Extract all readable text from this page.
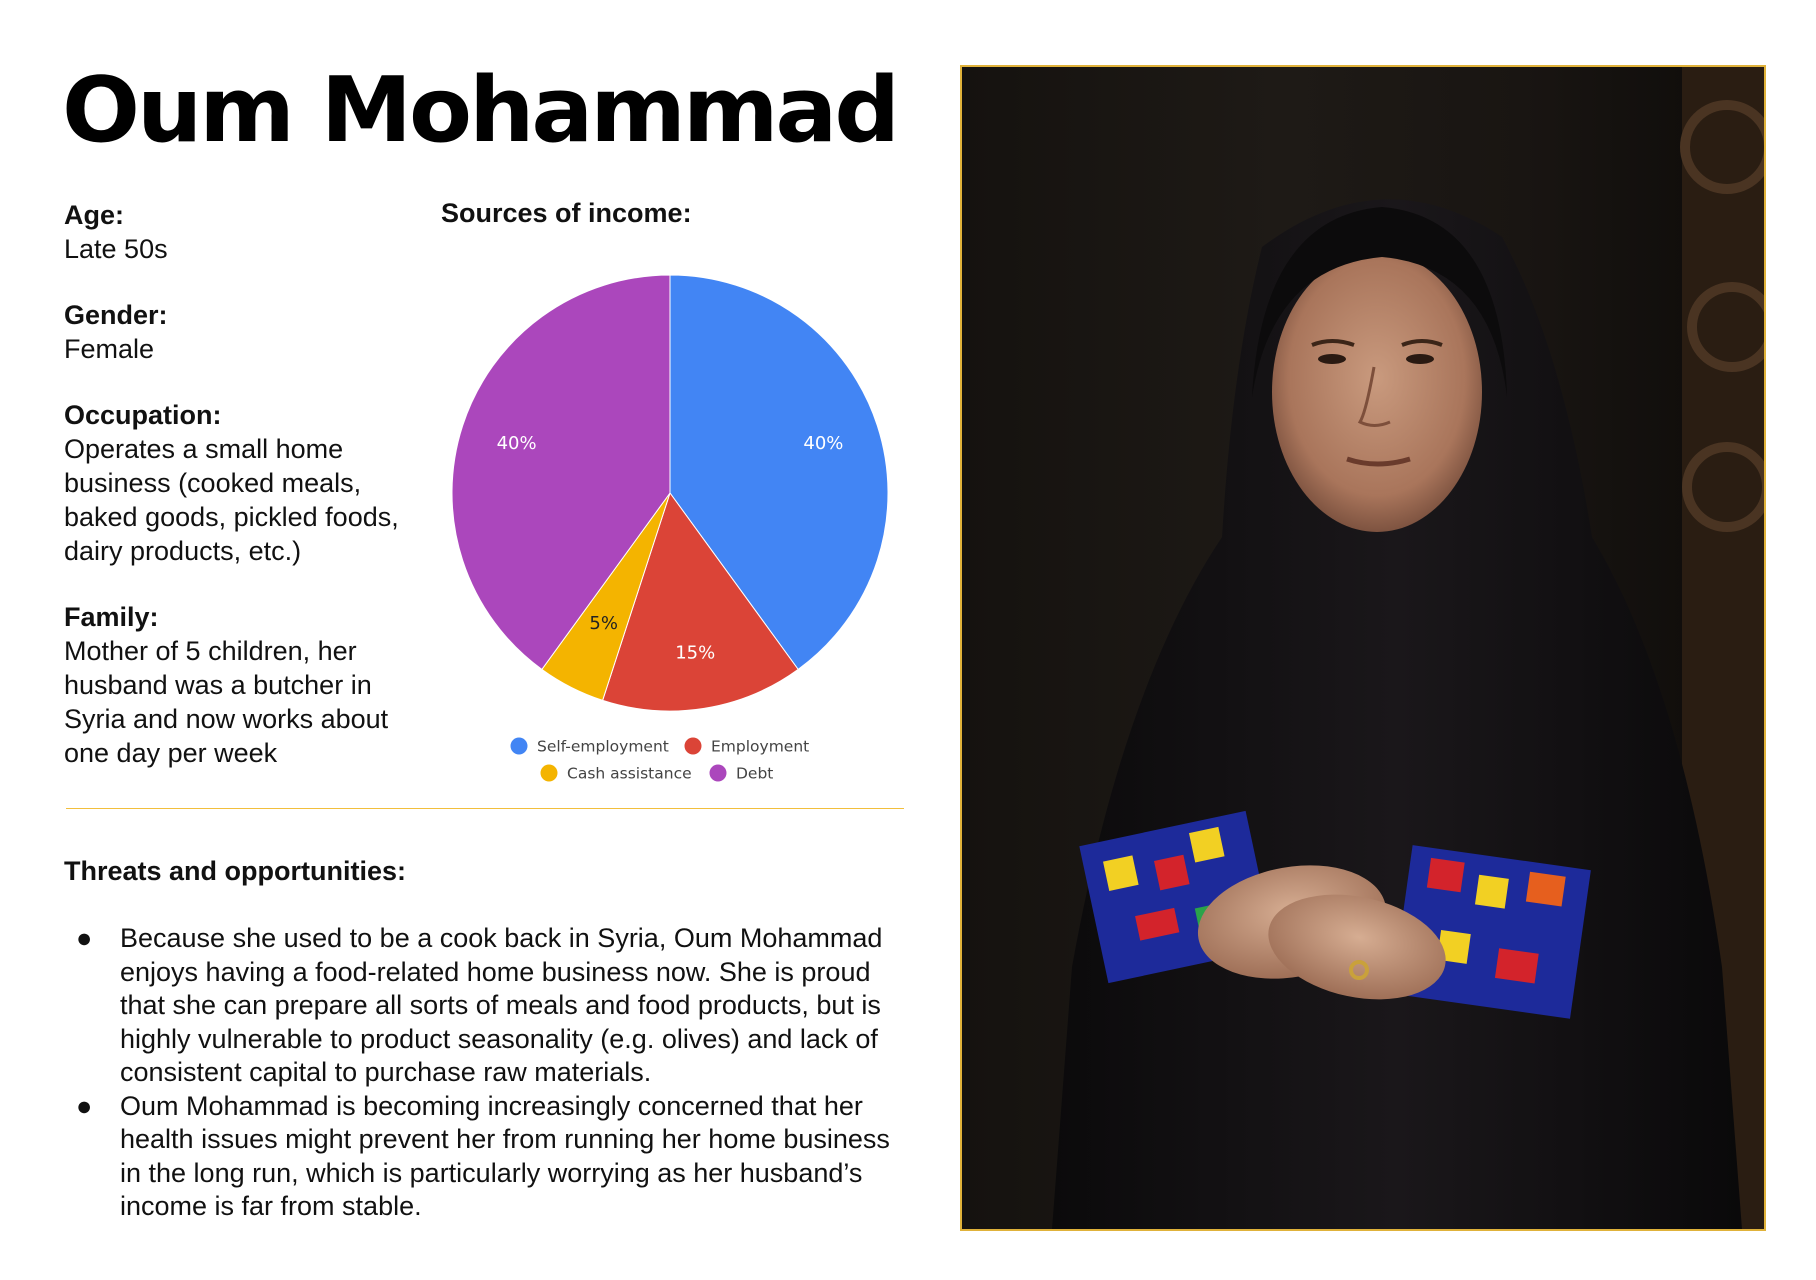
Oum Mohammad
Age:
Late 50s
Gender:
Female
Occupation:
Operates a small home business (cooked meals, baked goods, pickled foods, dairy products, etc.)
Family:
Mother of 5 children, her husband was a butcher in Syria and now works about one day per week
Sources of income:
40%
15%
5%
40%
Self-employment	Employment
Cash assistance	Debt
Threats and opportunities:
● Because she used to be a cook back in Syria, Oum Mohammad enjoys having a food-related home business now. She is proud that she can prepare all sorts of meals and food products, but is highly vulnerable to product seasonality (e.g. olives) and lack of consistent capital to purchase raw materials.
● Oum Mohammad is becoming increasingly concerned that her health issues might prevent her from running her home business in the long run, which is particularly worrying as her husband’s income is far from stable.
